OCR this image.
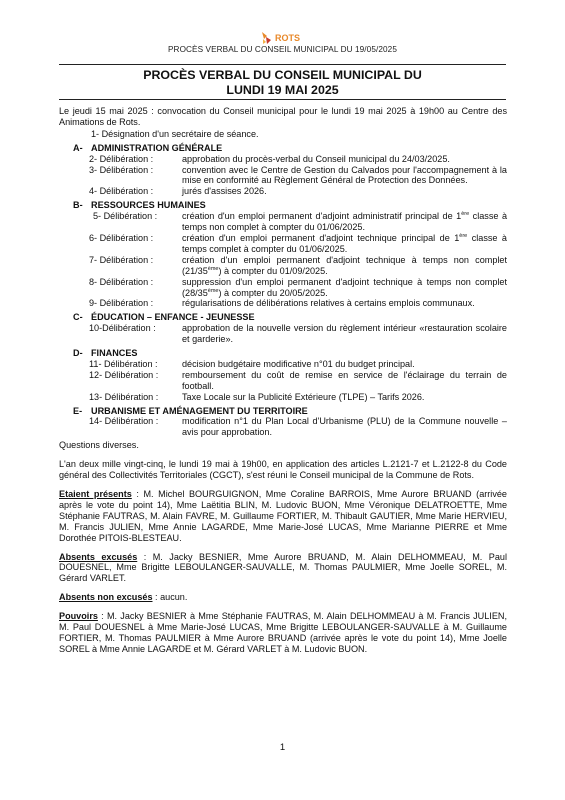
ROTS
PROCÈS VERBAL DU CONSEIL MUNICIPAL DU 19/05/2025
PROCÈS VERBAL DU CONSEIL MUNICIPAL DU
LUNDI 19 MAI 2025
Le jeudi 15 mai 2025 : convocation du Conseil municipal pour le lundi 19 mai 2025 à 19h00 au Centre des Animations de Rots.
1- Désignation d'un secrétaire de séance.
A- ADMINISTRATION GÉNÉRALE
2- Délibération :	approbation du procès-verbal du Conseil municipal du 24/03/2025.
3- Délibération :	convention avec le Centre de Gestion du Calvados pour l'accompagnement à la mise en conformité au Règlement Général de Protection des Données.
4- Délibération :	jurés d'assises 2026.
B- RESSOURCES HUMAINES
5- Délibération :	création d'un emploi permanent d'adjoint administratif principal de 1ère classe à temps non complet à compter du 01/06/2025.
6- Délibération :	création d'un emploi permanent d'adjoint technique principal de 1ère classe à temps complet à compter du 01/06/2025.
7- Délibération :	création d'un emploi permanent d'adjoint technique à temps non complet (21/35ème) à compter du 01/09/2025.
8- Délibération :	suppression d'un emploi permanent d'adjoint technique à temps non complet (28/35ème) à compter du 20/05/2025.
9- Délibération :	régularisations de délibérations relatives à certains emplois communaux.
C- ÉDUCATION – ENFANCE - JEUNESSE
10-Délibération :	approbation de la nouvelle version du règlement intérieur «restauration scolaire et garderie».
D- FINANCES
11- Délibération :	décision budgétaire modificative n°01 du budget principal.
12- Délibération :	remboursement du coût de remise en service de l'éclairage du terrain de football.
13- Délibération :	Taxe Locale sur la Publicité Extérieure (TLPE) – Tarifs 2026.
E- URBANISME ET AMÉNAGEMENT DU TERRITOIRE
14- Délibération :	modification n°1 du Plan Local d'Urbanisme (PLU) de la Commune nouvelle – avis pour approbation.
Questions diverses.
L'an deux mille vingt-cinq, le lundi 19 mai à 19h00, en application des articles L.2121-7 et L.2122-8 du Code général des Collectivités Territoriales (CGCT), s'est réuni le Conseil municipal de la Commune de Rots.
Etaient présents : M. Michel BOURGUIGNON, Mme Coraline BARROIS, Mme Aurore BRUAND (arrivée après le vote du point 14), Mme Laëtitia BLIN, M. Ludovic BUON, Mme Véronique DELATROETTE, Mme Stéphanie FAUTRAS, M. Alain FAVRE, M. Guillaume FORTIER, M. Thibault GAUTIER, Mme Marie HERVIEU, M. Francis JULIEN, Mme Annie LAGARDE, Mme Marie-José LUCAS, Mme Marianne PIERRE et Mme Dorothée PITOIS-BLESTEAU.
Absents excusés : M. Jacky BESNIER, Mme Aurore BRUAND, M. Alain DELHOMMEAU, M. Paul DOUESNEL, Mme Brigitte LEBOULANGER-SAUVALLE, M. Thomas PAULMIER, Mme Joelle SOREL, M. Gérard VARLET.
Absents non excusés : aucun.
Pouvoirs : M. Jacky BESNIER à Mme Stéphanie FAUTRAS, M. Alain DELHOMMEAU à M. Francis JULIEN, M. Paul DOUESNEL à Mme Marie-José LUCAS, Mme Brigitte LEBOULANGER-SAUVALLE à M. Guillaume FORTIER, M. Thomas PAULMIER à Mme Aurore BRUAND (arrivée après le vote du point 14), Mme Joelle SOREL à Mme Annie LAGARDE et M. Gérard VARLET à M. Ludovic BUON.
1
